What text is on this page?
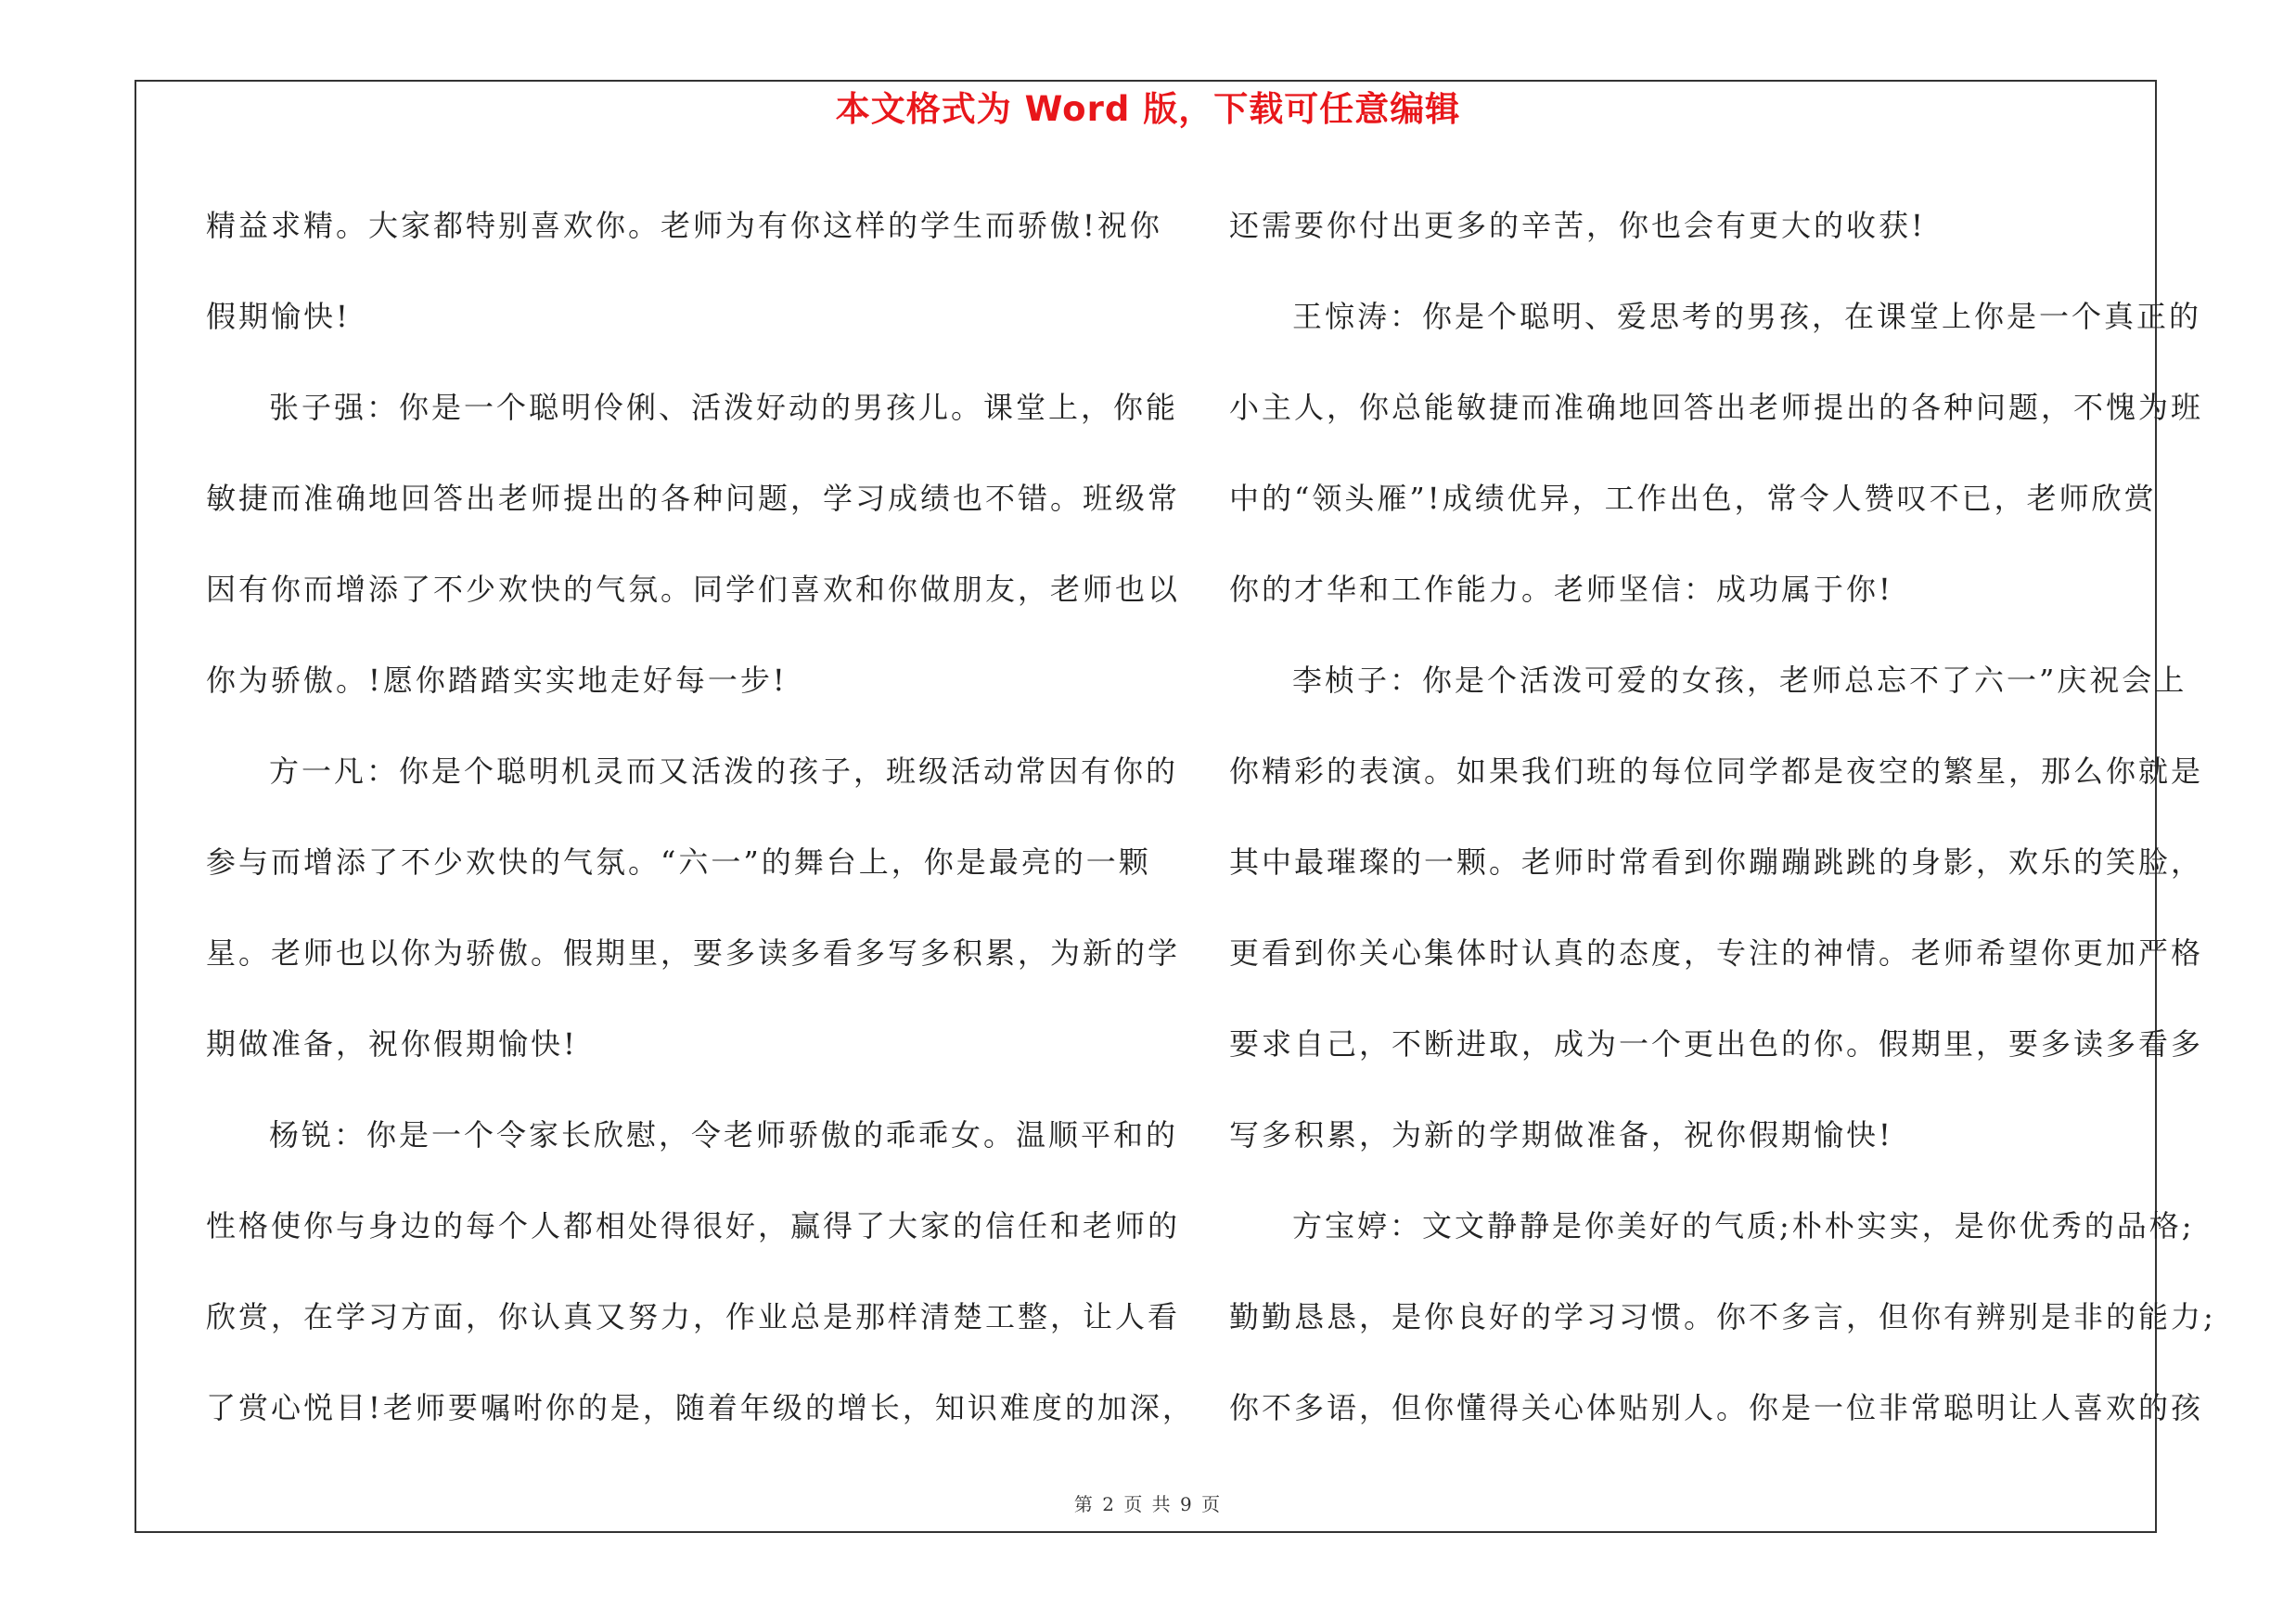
本文格式为 Word 版，下载可任意编辑

精益求精。大家都特别喜欢你。老师为有你这样的学生而骄傲!祝你

假期愉快!

张子强：你是一个聪明伶俐、活泼好动的男孩儿。课堂上，你能

敏捷而准确地回答出老师提出的各种问题，学习成绩也不错。班级常

因有你而增添了不少欢快的气氛。同学们喜欢和你做朋友，老师也以

你为骄傲。!愿你踏踏实实地走好每一步!

方一凡：你是个聪明机灵而又活泼的孩子，班级活动常因有你的

参与而增添了不少欢快的气氛。“六一”的舞台上，你是最亮的一颗

星。老师也以你为骄傲。假期里，要多读多看多写多积累，为新的学

期做准备，祝你假期愉快!

杨锐：你是一个令家长欣慰，令老师骄傲的乖乖女。温顺平和的

性格使你与身边的每个人都相处得很好，赢得了大家的信任和老师的

欣赏，在学习方面，你认真又努力，作业总是那样清楚工整，让人看

了赏心悦目!老师要嘱咐你的是，随着年级的增长，知识难度的加深，

还需要你付出更多的辛苦，你也会有更大的收获!

王惊涛：你是个聪明、爱思考的男孩，在课堂上你是一个真正的

小主人，你总能敏捷而准确地回答出老师提出的各种问题，不愧为班

中的“领头雁”!成绩优异，工作出色，常令人赞叹不已，老师欣赏

你的才华和工作能力。老师坚信：成功属于你!

李桢子：你是个活泼可爱的女孩，老师总忘不了六一”庆祝会上

你精彩的表演。如果我们班的每位同学都是夜空的繁星，那么你就是

其中最璀璨的一颗。老师时常看到你蹦蹦跳跳的身影，欢乐的笑脸，

更看到你关心集体时认真的态度，专注的神情。老师希望你更加严格

要求自己，不断进取，成为一个更出色的你。假期里，要多读多看多

写多积累，为新的学期做准备，祝你假期愉快!

方宝婷：文文静静是你美好的气质;朴朴实实，是你优秀的品格;

勤勤恳恳，是你良好的学习习惯。你不多言，但你有辨别是非的能力;

你不多语，但你懂得关心体贴别人。你是一位非常聪明让人喜欢的孩

第 2 页 共 9 页
